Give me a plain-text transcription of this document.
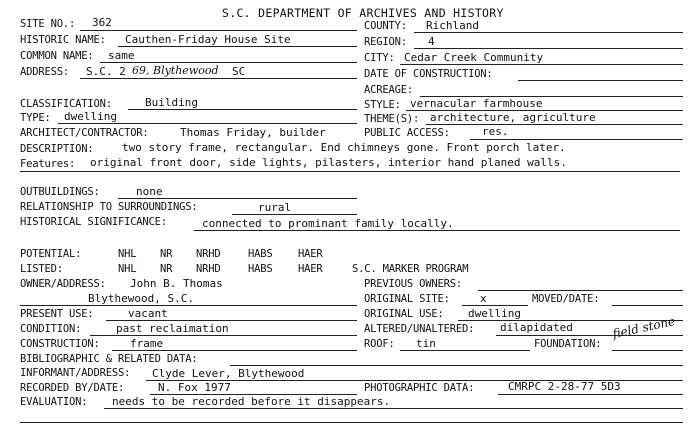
S.C. DEPARTMENT OF ARCHIVES AND HISTORY
SITE NO.: 362
HISTORIC NAME: Cauthen-Friday House Site
COMMON NAME: same
ADDRESS: S.C. 2 69, Blythewood SC
CLASSIFICATION:	Building
TYPE: dwelling
ARCHITECT/CONTRACTOR:	Thomas Friday, builder
DESCRIPTION:	two story frame, rectangular. End chimneys gone. Front porch later.
Features: original front door, side lights, pilasters, interior hand planed walls.
COUNTY: Richland
REGION: 4
CITY: Cedar Creek Community
DATE OF CONSTRUCTION:
ACREAGE:
STYLE: vernacular farmhouse
THEME(S): architecture, agriculture
PUBLIC ACCESS:	res.
OUTBUILDINGS:	none
RELATIONSHIP TO SURROUNDINGS:	rural
HISTORICAL SIGNIFICANCE:	connected to prominant family locally.
POTENTIAL:	NHL NR NRHD	HABS HAER
LISTED:	NHL NR NRHD	HABS HAER	S.C. MARKER PROGRAM
OWNER/ADDRESS: John B. Thomas
Blythewood, S.C.
PREVIOUS OWNERS:
ORIGINAL SITE:	x	MOVED/DATE:
PRESENT USE:	vacant	ORIGINAL USE: dwelling
CONDITION:	past reclaimation	ALTERED/UNALTERED: dilapidated
CONSTRUCTION:	frame	ROOF: tin	FOUNDATION:
field stone
BIBLIOGRAPHIC & RELATED DATA:
INFORMANT/ADDRESS: Clyde Lever, Blythewood
RECORDED BY/DATE:	N. Fox 1977	PHOTOGRAPHIC DATA:	CMRPC 2-28-77 5D3
EVALUATION: needs to be recorded before it disappears.
